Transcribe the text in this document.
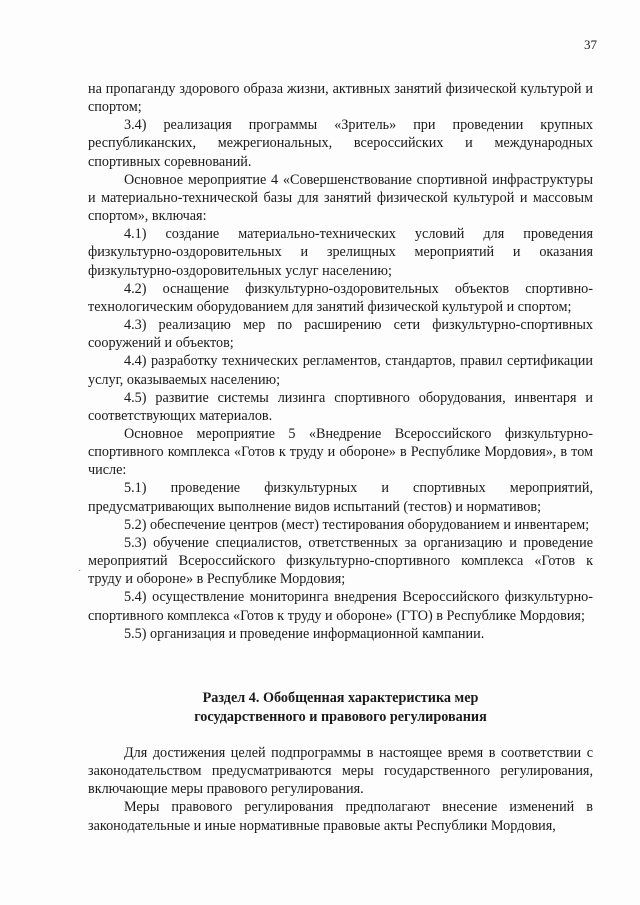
37

на пропаганду здорового образа жизни, активных занятий физической культурой и спортом;

3.4) реализация программы «Зритель» при проведении крупных республиканских, межрегиональных, всероссийских и международных спортивных соревнований.

Основное мероприятие 4 «Совершенствование спортивной инфраструктуры и материально-технической базы для занятий физической культурой и массовым спортом», включая:

4.1) создание материально-технических условий для проведения физкультурно-оздоровительных и зрелищных мероприятий и оказания физкультурно-оздоровительных услуг населению;

4.2) оснащение физкультурно-оздоровительных объектов спортивно-технологическим оборудованием для занятий физической культурой и спортом;

4.3) реализацию мер по расширению сети физкультурно-спортивных сооружений и объектов;

4.4) разработку технических регламентов, стандартов, правил сертификации услуг, оказываемых населению;

4.5) развитие системы лизинга спортивного оборудования, инвентаря и соответствующих материалов.

Основное мероприятие 5 «Внедрение Всероссийского физкультурно-спортивного комплекса «Готов к труду и обороне» в Республике Мордовия», в том числе:

5.1) проведение физкультурных и спортивных мероприятий, предусматривающих выполнение видов испытаний (тестов) и нормативов;

5.2) обеспечение центров (мест) тестирования оборудованием и инвентарем;

5.3) обучение специалистов, ответственных за организацию и проведение мероприятий Всероссийского физкультурно-спортивного комплекса «Готов к труду и обороне» в Республике Мордовия;

5.4) осуществление мониторинга внедрения Всероссийского физкультурно-спортивного комплекса «Готов к труду и обороне» (ГТО) в Республике Мордовия;

5.5) организация и проведение информационной кампании.

Раздел 4. Обобщенная характеристика мер
государственного и правового регулирования

Для достижения целей подпрограммы в настоящее время в соответствии с законодательством предусматриваются меры государственного регулирования, включающие меры правового регулирования.

Меры правового регулирования предполагают внесение изменений в законодательные и иные нормативные правовые акты Республики Мордовия,

·
